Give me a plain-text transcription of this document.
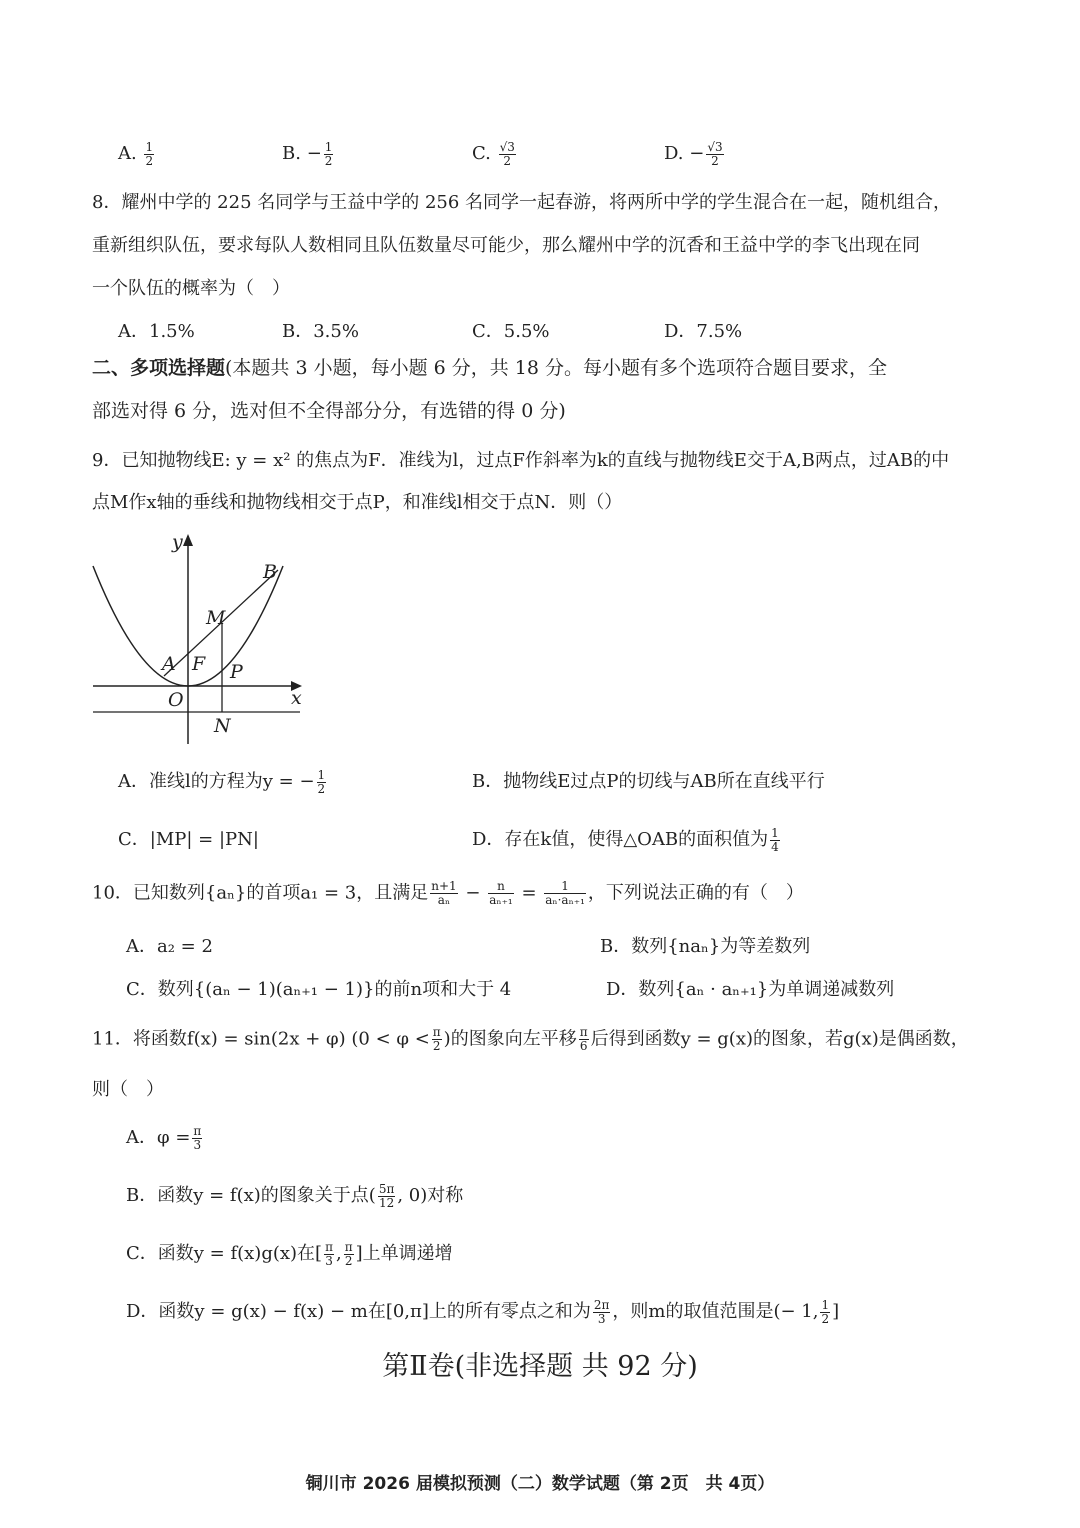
A. $\frac{1}{2}$	B. − $\frac{1}{2}$	C. $\frac{√3}{2}$	D. − $\frac{√3}{2}$
8．耀州中学的 225 名同学与王益中学的 256 名同学一起春游，将两所中学的学生混合在一起，随机组合，
重新组织队伍，要求每队人数相同且队伍数量尽可能少，那么耀州中学的沉香和王益中学的李飞出现在同
一个队伍的概率为（　）
A．1.5%	B．3.5%	C．5.5%	D．7.5%
二、多项选择题(本题共 3 小题，每小题 6 分，共 18 分。每小题有多个选项符合题目要求，全
部选对得 6 分，选对但不全得部分分，有选错的得 0 分)
9．已知抛物线E: y = x² 的焦点为F．准线为l，过点F作斜率为k的直线与抛物线E交于A,B两点，过AB的中
点M作x轴的垂线和抛物线相交于点P，和准线l相交于点N．则（）
y
x
B
M
A F P
O
N
A．准线l的方程为y = − $\frac{1}{2}$	B．抛物线E过点P的切线与AB所在直线平行
C．|MP| = |PN|	D．存在k值，使得△OAB的面积值为 $\frac{1}{4}$
10．已知数列{aₙ}的首项a₁ = 3，且满足 $\frac{n+1}{\text{aₙ}} - \frac{n}{\text{aₙ₊₁}} = \frac{1}{\text{aₙ·aₙ₊₁}}$ ，下列说法正确的有（　）
A．a₂ = 2	B．数列{naₙ}为等差数列
C．数列{(aₙ − 1)(aₙ₊₁ − 1)}的前n项和大于 4	D．数列{aₙ · aₙ₊₁}为单调递减数列
11．将函数f(x) = sin(2x + φ) ($0 < \varphi < \frac{\pi}{2}$ )的图象向左平移 $\frac{\pi}{6}$ 后得到函数y = g(x)的图象，若g(x)是偶函数，
则（　）
A．$\varphi = \frac{\pi}{3}$
B．函数y = f(x)的图象关于点( $\frac{5\pi}{12}$ , 0)对称
C．函数y = f(x)g(x)在[ $\frac{\pi}{3}$ , $\frac{\pi}{2}$ ]上单调递增
D．函数y = g(x) − f(x) − m在[0,π]上的所有零点之和为 $\frac{2\pi}{3}$ ，则m的取值范围是(− 1, $\frac{1}{2}$ ]
第Ⅱ卷(非选择题 共 92 分)
铜川市 2026 届模拟预测（二）数学试题（第 2页　共 4页）
